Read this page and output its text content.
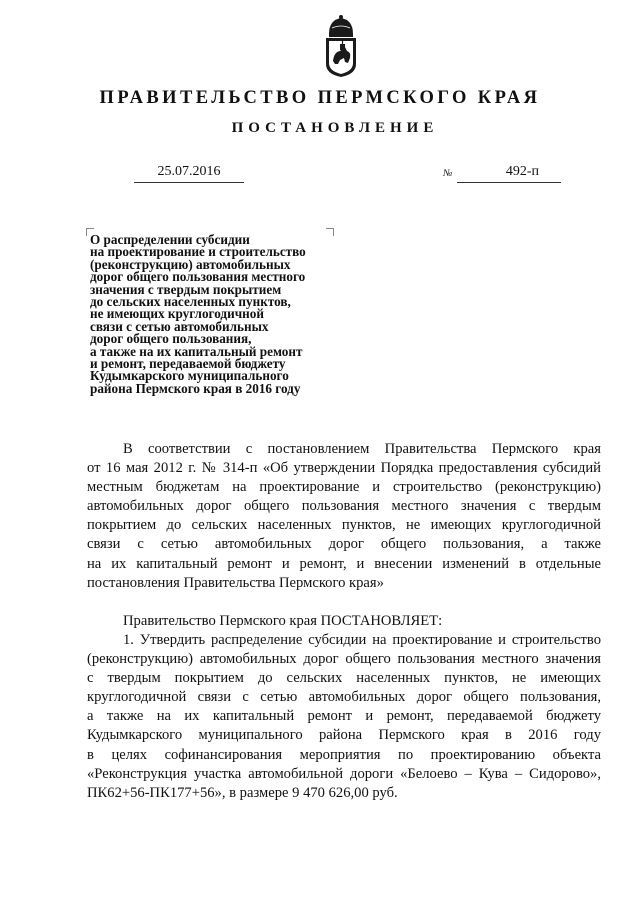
ПРАВИТЕЛЬСТВО ПЕРМСКОГО КРАЯ
ПОСТАНОВЛЕНИЕ
25.07.2016	№	492-п
О распределении субсидии
на проектирование и строительство
(реконструкцию) автомобильных
дорог общего пользования местного
значения с твердым покрытием
до сельских населенных пунктов,
не имеющих круглогодичной
связи с сетью автомобильных
дорог общего пользования,
а также на их капитальный ремонт
и ремонт, передаваемой бюджету
Кудымкарского муниципального
района Пермского края в 2016 году
В соответствии с постановлением Правительства Пермского края
от 16 мая 2012 г. № 314-п «Об утверждении Порядка предоставления субсидий
местным бюджетам на проектирование и строительство (реконструкцию)
автомобильных дорог общего пользования местного значения с твердым
покрытием до сельских населенных пунктов, не имеющих круглогодичной
связи с сетью автомобильных дорог общего пользования, а также
на их капитальный ремонт и ремонт, и внесении изменений в отдельные
постановления Правительства Пермского края»
Правительство Пермского края ПОСТАНОВЛЯЕТ:
1. Утвердить распределение субсидии на проектирование и строительство
(реконструкцию) автомобильных дорог общего пользования местного значения
с твердым покрытием до сельских населенных пунктов, не имеющих
круглогодичной связи с сетью автомобильных дорог общего пользования,
а также на их капитальный ремонт и ремонт, передаваемой бюджету
Кудымкарского муниципального района Пермского края в 2016 году
в целях софинансирования мероприятия по проектированию объекта
«Реконструкция участка автомобильной дороги «Белоево – Кува – Сидорово»,
ПК62+56-ПК177+56», в размере 9 470 626,00 руб.
